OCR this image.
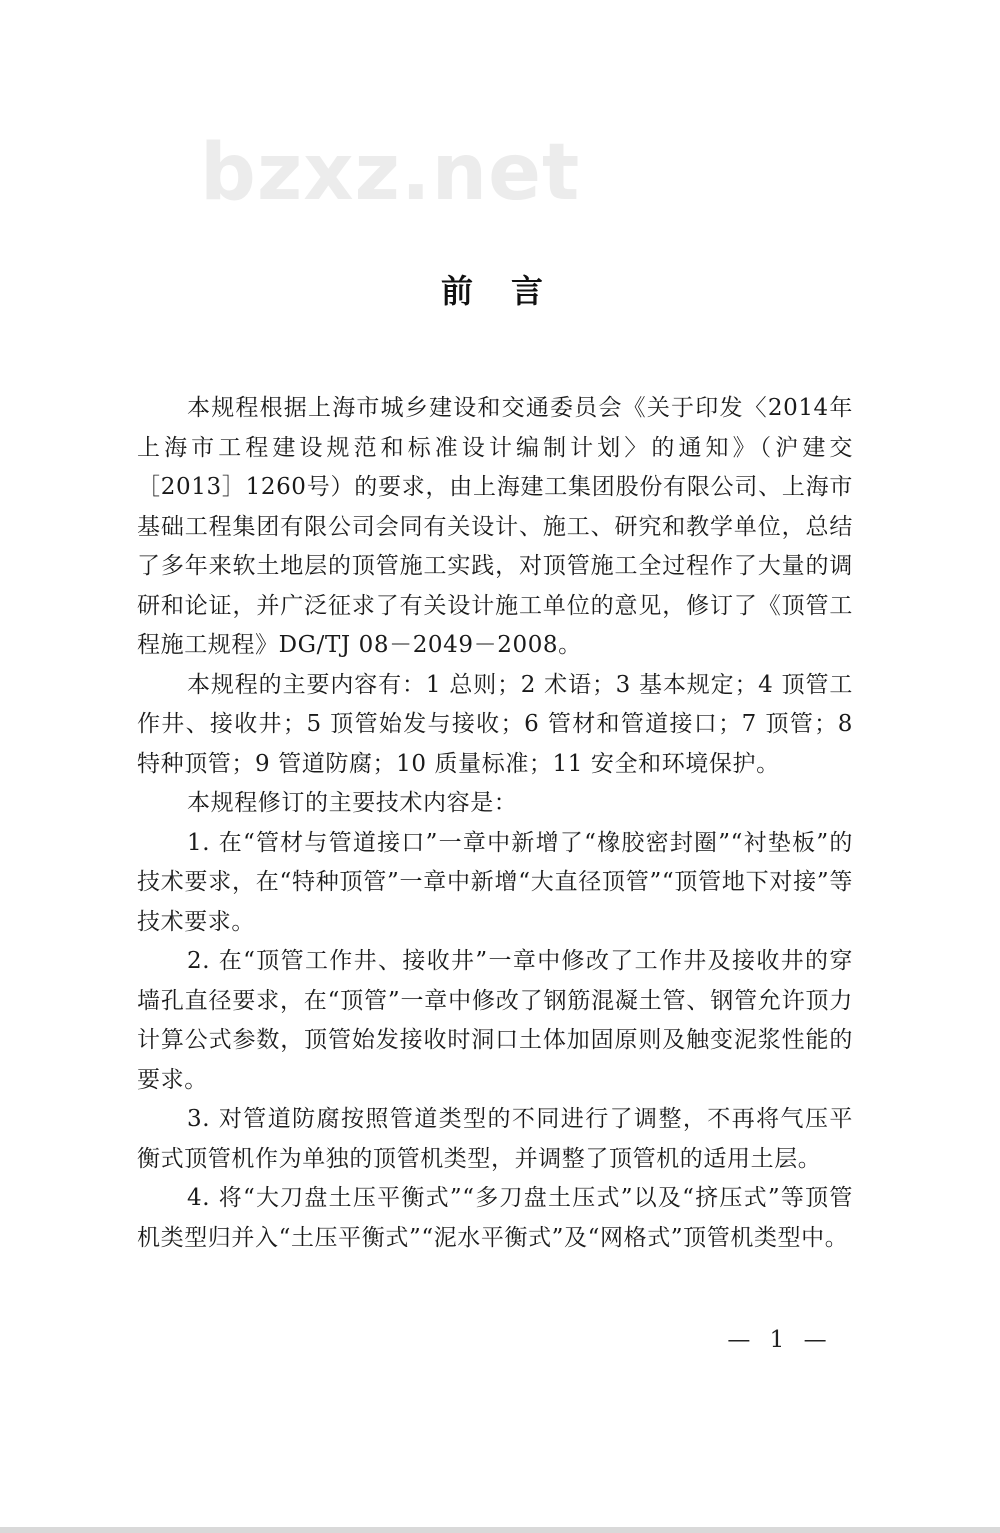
bzxz.net
前言

本规程根据上海市城乡建设和交通委员会《关于印发〈2014年上海市工程建设规范和标准设计编制计划〉的通知》（沪建交［2013］1260号）的要求，由上海建工集团股份有限公司、上海市基础工程集团有限公司会同有关设计、施工、研究和教学单位，总结了多年来软土地层的顶管施工实践，对顶管施工全过程作了大量的调研和论证，并广泛征求了有关设计施工单位的意见，修订了《顶管工程施工规程》DG/TJ 08－2049－2008。

本规程的主要内容有：1 总则；2 术语；3 基本规定；4 顶管工作井、接收井；5 顶管始发与接收；6 管材和管道接口；7 顶管；8 特种顶管；9 管道防腐；10 质量标准；11 安全和环境保护。

本规程修订的主要技术内容是：

1. 在“管材与管道接口”一章中新增了“橡胶密封圈”“衬垫板”的技术要求，在“特种顶管”一章中新增“大直径顶管”“顶管地下对接”等技术要求。

2. 在“顶管工作井、接收井”一章中修改了工作井及接收井的穿墙孔直径要求，在“顶管”一章中修改了钢筋混凝土管、钢管允许顶力计算公式参数，顶管始发接收时洞口土体加固原则及触变泥浆性能的要求。

3. 对管道防腐按照管道类型的不同进行了调整，不再将气压平衡式顶管机作为单独的顶管机类型，并调整了顶管机的适用土层。

4. 将“大刀盘土压平衡式”“多刀盘土压式”以及“挤压式”等顶管机类型归并入“土压平衡式”“泥水平衡式”及“网格式”顶管机类型中。

— 1 —
